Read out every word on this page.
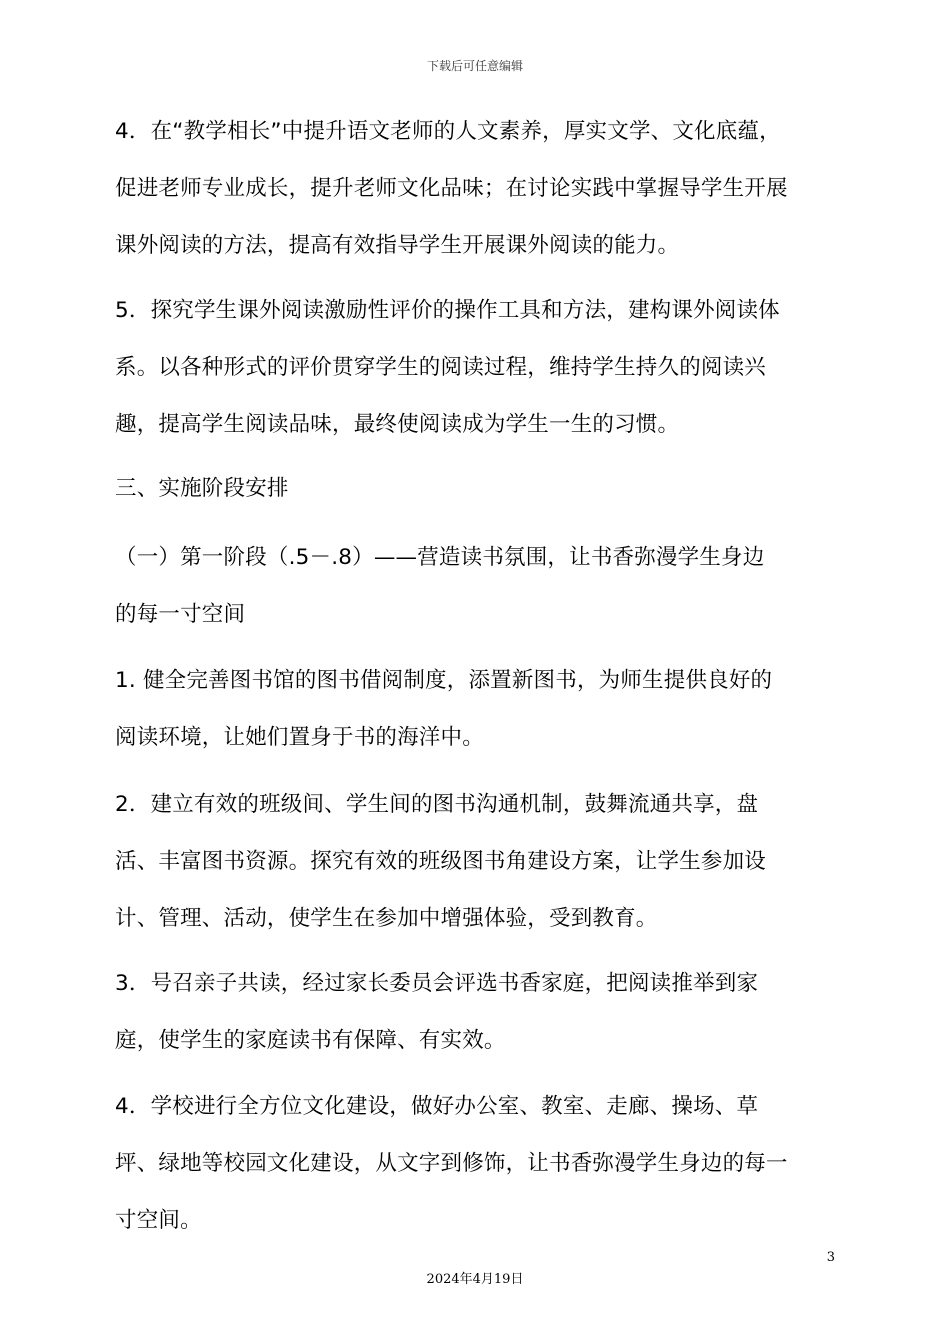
下载后可任意编辑
4．在“教学相长”中提升语文老师的人文素养，厚实文学、文化底蕴，
促进老师专业成长，提升老师文化品味；在讨论实践中掌握导学生开展
课外阅读的方法，提高有效指导学生开展课外阅读的能力。
5．探究学生课外阅读激励性评价的操作工具和方法，建构课外阅读体
系。以各种形式的评价贯穿学生的阅读过程，维持学生持久的阅读兴
趣，提高学生阅读品味，最终使阅读成为学生一生的习惯。
三、实施阶段安排
（一）第一阶段（.5－.8）——营造读书氛围，让书香弥漫学生身边
的每一寸空间
1. 健全完善图书馆的图书借阅制度，添置新图书，为师生提供良好的
阅读环境，让她们置身于书的海洋中。
2．建立有效的班级间、学生间的图书沟通机制，鼓舞流通共享，盘
活、丰富图书资源。探究有效的班级图书角建设方案，让学生参加设
计、管理、活动，使学生在参加中增强体验，受到教育。
3．号召亲子共读，经过家长委员会评选书香家庭，把阅读推举到家
庭，使学生的家庭读书有保障、有实效。
4．学校进行全方位文化建设，做好办公室、教室、走廊、操场、草
坪、绿地等校园文化建设，从文字到修饰，让书香弥漫学生身边的每一
寸空间。
3
2024年4月19日
